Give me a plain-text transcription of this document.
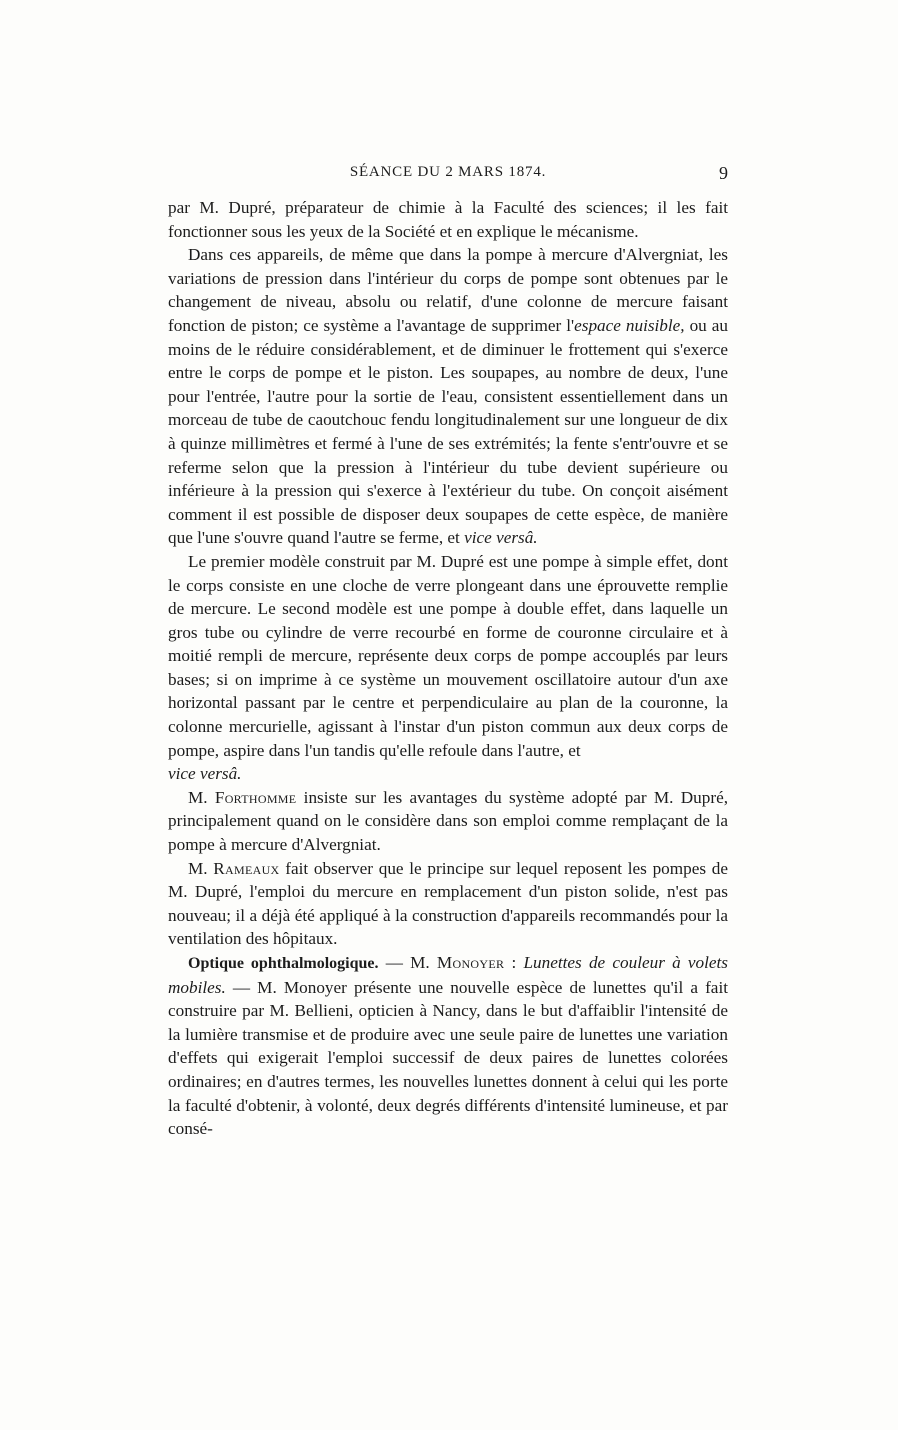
SÉANCE DU 2 MARS 1874.	9

par M. Dupré, préparateur de chimie à la Faculté des sciences; il les fait fonctionner sous les yeux de la Société et en explique le mécanisme.

Dans ces appareils, de même que dans la pompe à mercure d'Alvergniat, les variations de pression dans l'intérieur du corps de pompe sont obtenues par le changement de niveau, absolu ou relatif, d'une colonne de mercure faisant fonction de piston; ce système a l'avantage de supprimer l'espace nuisible, ou au moins de le réduire considérablement, et de diminuer le frottement qui s'exerce entre le corps de pompe et le piston. Les soupapes, au nombre de deux, l'une pour l'entrée, l'autre pour la sortie de l'eau, consistent essentiellement dans un morceau de tube de caoutchouc fendu longitudinalement sur une longueur de dix à quinze millimètres et fermé à l'une de ses extrémités; la fente s'entr'ouvre et se referme selon que la pression à l'intérieur du tube devient supérieure ou inférieure à la pression qui s'exerce à l'extérieur du tube. On conçoit aisément comment il est possible de disposer deux soupapes de cette espèce, de manière que l'une s'ouvre quand l'autre se ferme, et vice versâ.

Le premier modèle construit par M. Dupré est une pompe à simple effet, dont le corps consiste en une cloche de verre plongeant dans une éprouvette remplie de mercure. Le second modèle est une pompe à double effet, dans laquelle un gros tube ou cylindre de verre recourbé en forme de couronne circulaire et à moitié rempli de mercure, représente deux corps de pompe accouplés par leurs bases; si on imprime à ce système un mouvement oscillatoire autour d'un axe horizontal passant par le centre et perpendiculaire au plan de la couronne, la colonne mercurielle, agissant à l'instar d'un piston commun aux deux corps de pompe, aspire dans l'un tandis qu'elle refoule dans l'autre, et
vice versâ.

M. Forthomme insiste sur les avantages du système adopté par M. Dupré, principalement quand on le considère dans son emploi comme remplaçant de la pompe à mercure d'Alvergniat.

M. Rameaux fait observer que le principe sur lequel reposent les pompes de M. Dupré, l'emploi du mercure en remplacement d'un piston solide, n'est pas nouveau; il a déjà été appliqué à la construction d'appareils recommandés pour la ventilation des hôpitaux.

Optique ophthalmologique. — M. Monoyer : Lunettes de couleur à volets mobiles. — M. Monoyer présente une nouvelle espèce de lunettes qu'il a fait construire par M. Bellieni, opticien à Nancy, dans le but d'affaiblir l'intensité de la lumière transmise et de produire avec une seule paire de lunettes une variation d'effets qui exigerait l'emploi successif de deux paires de lunettes colorées ordinaires; en d'autres termes, les nouvelles lunettes donnent à celui qui les porte la faculté d'obtenir, à volonté, deux degrés différents d'intensité lumineuse, et par consé-
